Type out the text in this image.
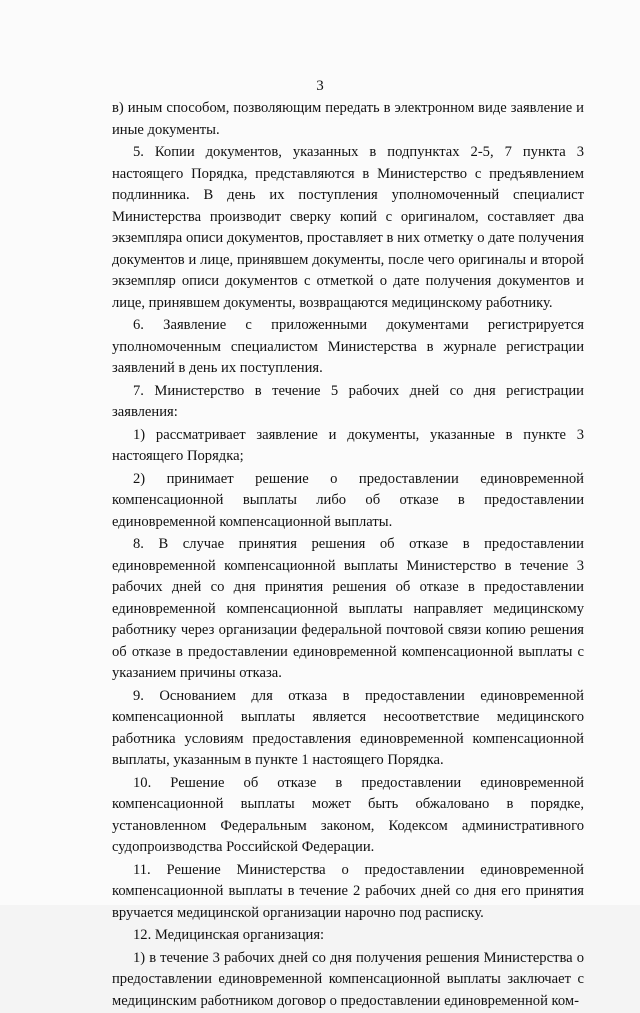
3

в) иным способом, позволяющим передать в электронном виде заявление и иные документы.

5. Копии документов, указанных в подпунктах 2-5, 7 пункта 3 настоящего Порядка, представляются в Министерство с предъявлением подлинника. В день их поступления уполномоченный специалист Министерства производит сверку копий с оригиналом, составляет два экземпляра описи документов, проставляет в них отметку о дате получения документов и лице, принявшем документы, после чего оригиналы и второй экземпляр описи документов с отметкой о дате получения документов и лице, принявшем документы, возвращаются медицинскому работнику.

6. Заявление с приложенными документами регистрируется уполномоченным специалистом Министерства в журнале регистрации заявлений в день их поступления.

7. Министерство в течение 5 рабочих дней со дня регистрации заявления:

1) рассматривает заявление и документы, указанные в пункте 3 настоящего Порядка;

2) принимает решение о предоставлении единовременной компенсационной выплаты либо об отказе в предоставлении единовременной компенсационной выплаты.

8. В случае принятия решения об отказе в предоставлении единовременной компенсационной выплаты Министерство в течение 3 рабочих дней со дня принятия решения об отказе в предоставлении единовременной компенсационной выплаты направляет медицинскому работнику через организации федеральной почтовой связи копию решения об отказе в предоставлении единовременной компенсационной выплаты с указанием причины отказа.

9. Основанием для отказа в предоставлении единовременной компенсационной выплаты является несоответствие медицинского работника условиям предоставления единовременной компенсационной выплаты, указанным в пункте 1 настоящего Порядка.

10. Решение об отказе в предоставлении единовременной компенсационной выплаты может быть обжаловано в порядке, установленном Федеральным законом, Кодексом административного судопроизводства Российской Федерации.

11. Решение Министерства о предоставлении единовременной компенсационной выплаты в течение 2 рабочих дней со дня его принятия вручается медицинской организации нарочно под расписку.

12. Медицинская организация:

1) в течение 3 рабочих дней со дня получения решения Министерства о предоставлении единовременной компенсационной выплаты заключает с медицинским работником договор о предоставлении единовременной ком-
